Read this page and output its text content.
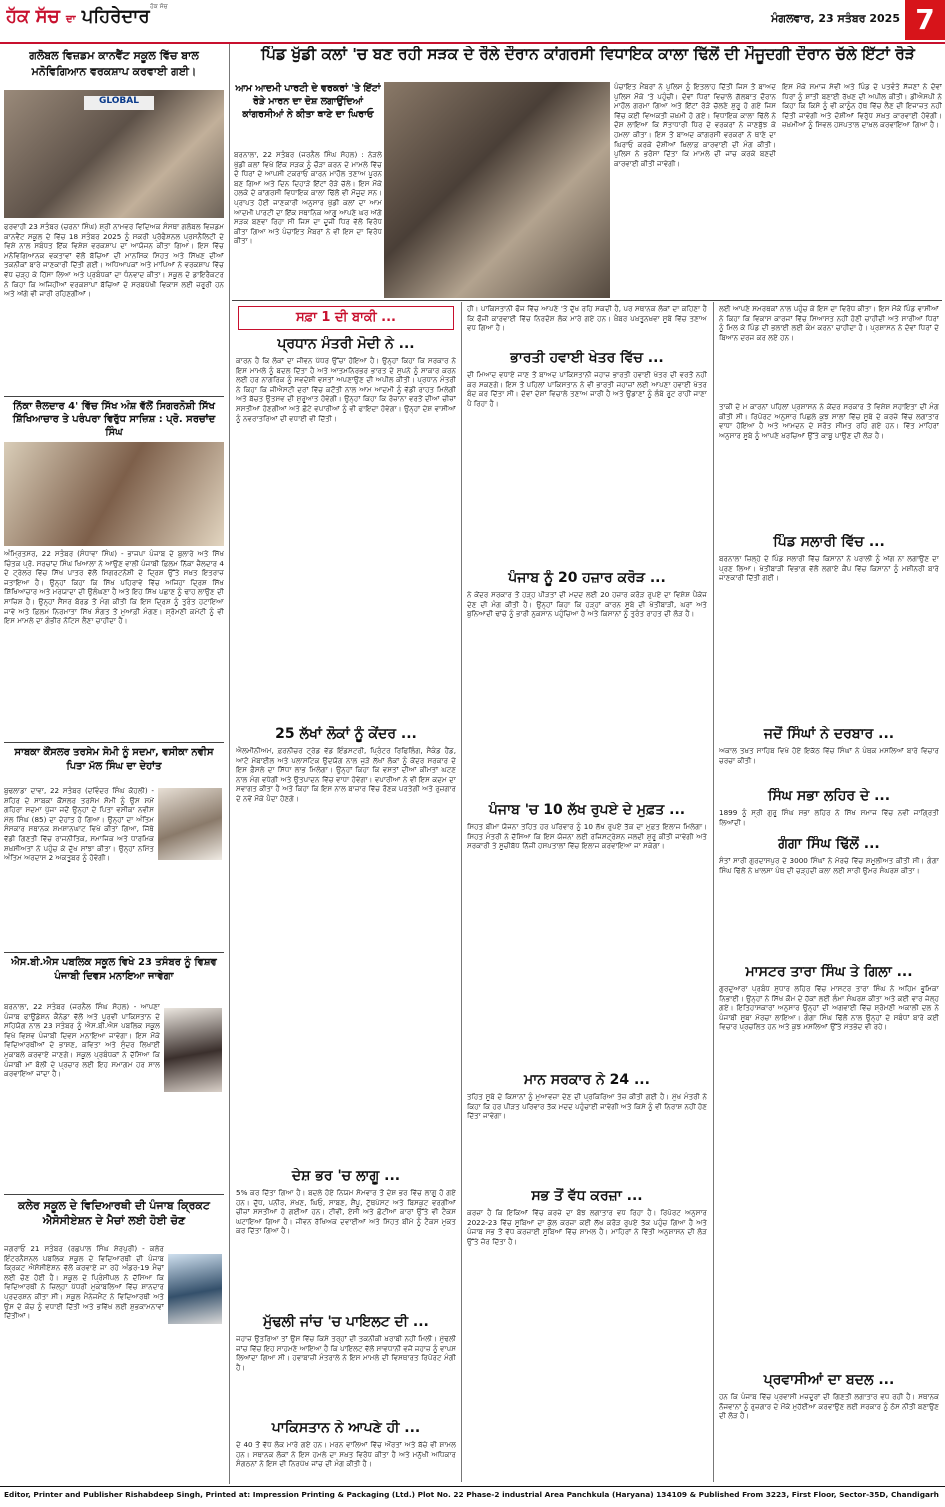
ਹੱਕ ਸੱਚ ਦਾ ਪਹਿਰੇਦਾਰ ਹੱਕ ਸੱਚ
ਮੰਗਲਵਾਰ, 23 ਸਤੰਬਰ 2025 7
ਗਲੋਬਲ ਵਿਜ਼ਡਮ ਕਾਨਵੈਂਟ ਸਕੂਲ ਵਿੱਚ ਬਾਲ ਮਨੋਵਿਗਿਆਨ ਵਰਕਸ਼ਾਪ ਕਰਵਾਈ ਗਈ।
GLOBAL
ਫਰਵਾਹੀ 23 ਸਤੰਬਰ (ਚਰਨਾ ਸਿੰਘ) ਸ਼੍ਰੀ ਨਾਮਵਰ ਵਿਦਿਅਕ ਸੰਸਥਾ ਗਲੋਬਲ ਵਿਜ਼ਡਮ ਕਾਨਵੈਂਟ ਸਕੂਲ ਦੇ ਵਿੱਚ 18 ਸਤੰਬਰ 2025 ਨੂੰ ਸਕਰੀ ਪ੍ਰੋਫੈਸ਼ਨਲ ਪ੍ਰਸਨੈਲਿਟੀ ਦੇ ਵਿਸ਼ੇ ਨਾਲ ਸਬੰਧਤ ਇੱਕ ਵਿਸ਼ੇਸ਼ ਵਰਕਸ਼ਾਪ ਦਾ ਆਯੋਜਨ ਕੀਤਾ ਗਿਆ। ਇਸ ਵਿੱਚ ਮਨੋਵਿਗਿਆਨਕ ਵਕਤਾਵਾਂ ਵੱਲੋਂ ਬੱਚਿਆਂ ਦੀ ਮਾਨਸਿਕ ਸਿਹਤ ਅਤੇ ਸਿੱਖਣ ਦੀਆਂ ਤਕਨੀਕਾਂ ਬਾਰੇ ਜਾਣਕਾਰੀ ਦਿੱਤੀ ਗਈ। ਅਧਿਆਪਕਾਂ ਅਤੇ ਮਾਪਿਆਂ ਨੇ ਵਰਕਸ਼ਾਪ ਵਿੱਚ ਵੱਧ ਚੜ੍ਹ ਕੇ ਹਿੱਸਾ ਲਿਆ ਅਤੇ ਪ੍ਰਬੰਧਕਾਂ ਦਾ ਧੰਨਵਾਦ ਕੀਤਾ। ਸਕੂਲ ਦੇ ਡਾਇਰੈਕਟਰ ਨੇ ਕਿਹਾ ਕਿ ਅਜਿਹੀਆਂ ਵਰਕਸ਼ਾਪਾਂ ਬੱਚਿਆਂ ਦੇ ਸਰਬਪੱਖੀ ਵਿਕਾਸ ਲਈ ਜ਼ਰੂਰੀ ਹਨ ਅਤੇ ਅੱਗੇ ਵੀ ਜਾਰੀ ਰਹਿਣਗੀਆਂ।
ਨਿੱਕਾ ਜ਼ੈਲਦਾਰ 4' ਵਿੱਚ ਸਿੱਖ ਅੰਸ਼ ਵੱਲੋਂ ਸਿਗਰਨੋਸ਼ੀ ਸਿੱਖ ਸ਼ਿੱਖਿਆਚਾਰ ਤੇ ਪਰੰਪਰਾ ਵਿਰੁੱਧ ਸਾਜ਼ਿਸ਼ : ਪ੍ਰੋ. ਸਰਚਾਂਦ ਸਿੰਘ
ਅੰਮ੍ਰਿਤਸਰ, 22 ਸਤੰਬਰ (ਸੰਧਾਵਾ ਸਿੰਘ) - ਭਾਜਪਾ ਪੰਜਾਬ ਦੇ ਬੁਲਾਰੇ ਅਤੇ ਸਿੱਖ ਚਿੰਤਕ ਪ੍ਰੋ. ਸਰਚਾਂਦ ਸਿੰਘ ਖਿਆਲਾ ਨੇ ਆਉਣ ਵਾਲੀ ਪੰਜਾਬੀ ਫ਼ਿਲਮ ਨਿੱਕਾ ਜ਼ੈਲਦਾਰ 4 ਦੇ ਟ੍ਰੇਲਰ ਵਿੱਚ ਸਿੱਖ ਪਾਤਰ ਵੱਲੋਂ ਸਿਗਰਟਨੋਸ਼ੀ ਦੇ ਦ੍ਰਿਸ਼ ਉੱਤੇ ਸਖ਼ਤ ਇਤਰਾਜ਼ ਜਤਾਇਆ ਹੈ। ਉਨ੍ਹਾਂ ਕਿਹਾ ਕਿ ਸਿੱਖ ਪਹਿਰਾਵੇ ਵਿੱਚ ਅਜਿਹਾ ਦ੍ਰਿਸ਼ ਸਿੱਖ ਸ਼ਿੱਖਿਆਚਾਰ ਅਤੇ ਮਰਯਾਦਾ ਦੀ ਉਲੰਘਣਾ ਹੈ ਅਤੇ ਇਹ ਸਿੱਖ ਪਛਾਣ ਨੂੰ ਢਾਹ ਲਾਉਣ ਦੀ ਸਾਜ਼ਿਸ਼ ਹੈ। ਉਨ੍ਹਾਂ ਸੈਂਸਰ ਬੋਰਡ ਤੋਂ ਮੰਗ ਕੀਤੀ ਕਿ ਇਸ ਦ੍ਰਿਸ਼ ਨੂੰ ਤੁਰੰਤ ਹਟਾਇਆ ਜਾਵੇ ਅਤੇ ਫ਼ਿਲਮ ਨਿਰਮਾਤਾ ਸਿੱਖ ਸੰਗਤ ਤੋਂ ਮੁਆਫ਼ੀ ਮੰਗਣ। ਸ਼੍ਰੋਮਣੀ ਕਮੇਟੀ ਨੂੰ ਵੀ ਇਸ ਮਾਮਲੇ ਦਾ ਗੰਭੀਰ ਨੋਟਿਸ ਲੈਣਾ ਚਾਹੀਦਾ ਹੈ।
ਸਾਬਕਾ ਕੌਂਸਲਰ ਤਰਸੇਮ ਸੋਮੀ ਨੂੰ ਸਦਮਾ, ਵਸੀਕਾ ਨਵੀਸ ਪਿਤਾ ਮੱਲ ਸਿੰਘ ਦਾ ਦੇਹਾਂਤ
ਬੁਢਲਾਡਾ ਦਾਵਾ, 22 ਸਤੰਬਰ (ਦਵਿੰਦਰ ਸਿੰਘ ਕੋਹਲੀ) - ਸ਼ਹਿਰ ਦੇ ਸਾਬਕਾ ਕੌਂਸਲਰ ਤਰਸੇਮ ਸੋਮੀ ਨੂੰ ਉਸ ਸਮੇਂ ਗਹਿਰਾ ਸਦਮਾ ਪੁੱਜਾ ਜਦੋਂ ਉਨ੍ਹਾਂ ਦੇ ਪਿਤਾ ਵਸੀਕਾ ਨਵੀਸ ਮੱਲ ਸਿੰਘ (85) ਦਾ ਦੇਹਾਂਤ ਹੋ ਗਿਆ। ਉਨ੍ਹਾਂ ਦਾ ਅੰਤਿਮ ਸੰਸਕਾਰ ਸਥਾਨਕ ਸ਼ਮਸ਼ਾਨਘਾਟ ਵਿਖੇ ਕੀਤਾ ਗਿਆ, ਜਿੱਥੇ ਵੱਡੀ ਗਿਣਤੀ ਵਿੱਚ ਰਾਜਨੀਤਿਕ, ਸਮਾਜਿਕ ਅਤੇ ਧਾਰਮਿਕ ਸ਼ਖ਼ਸੀਅਤਾਂ ਨੇ ਪਹੁੰਚ ਕੇ ਦੁੱਖ ਸਾਂਝਾ ਕੀਤਾ। ਉਨ੍ਹਾਂ ਨਮਿੱਤ ਅੰਤਿਮ ਅਰਦਾਸ 2 ਅਕਤੂਬਰ ਨੂੰ ਹੋਵੇਗੀ।
ਐਸ.ਬੀ.ਐਸ ਪਬਲਿਕ ਸਕੂਲ ਵਿਖੇ 23 ਤਸੰਬਰ ਨੂੰ ਵਿਸ਼ਵ ਪੰਜਾਬੀ ਦਿਵਸ ਮਨਾਇਆ ਜਾਵੇਗਾ
ਬਰਨਾਲਾ, 22 ਸਤੰਬਰ (ਜਰਨੈਲ ਸਿੰਘ ਸੋਹਲ) - ਆਪਣਾ ਪੰਜਾਬ ਫਾਊਂਡੇਸ਼ਨ ਕੈਨੇਡਾ ਵੱਲੋਂ ਅਤੇ ਪੂਰਵੀ ਪਾਕਿਸਤਾਨ ਦੇ ਸਹਿਯੋਗ ਨਾਲ 23 ਸਤੰਬਰ ਨੂੰ ਐਸ.ਬੀ.ਐਸ ਪਬਲਿਕ ਸਕੂਲ ਵਿਖੇ ਵਿਸ਼ਵ ਪੰਜਾਬੀ ਦਿਵਸ ਮਨਾਇਆ ਜਾਵੇਗਾ। ਇਸ ਮੌਕੇ ਵਿਦਿਆਰਥੀਆਂ ਦੇ ਭਾਸ਼ਣ, ਕਵਿਤਾ ਅਤੇ ਸੁੰਦਰ ਲਿਖਾਈ ਮੁਕਾਬਲੇ ਕਰਵਾਏ ਜਾਣਗੇ। ਸਕੂਲ ਪ੍ਰਬੰਧਕਾਂ ਨੇ ਦੱਸਿਆ ਕਿ ਪੰਜਾਬੀ ਮਾਂ ਬੋਲੀ ਦੇ ਪ੍ਰਚਾਰ ਲਈ ਇਹ ਸਮਾਗਮ ਹਰ ਸਾਲ ਕਰਵਾਇਆ ਜਾਂਦਾ ਹੈ।
ਕਲੇਰ ਸਕੂਲ ਦੇ ਵਿਦਿਆਰਥੀ ਦੀ ਪੰਜਾਬ ਕ੍ਰਿਕਟ ਐਸੋਸੀਏਸ਼ਨ ਦੇ ਮੈਚਾਂ ਲਈ ਹੋਈ ਚੋਣ
ਜਗਰਾਓਂ 21 ਸਤੰਬਰ (ਰਛਪਾਲ ਸਿੰਘ ਸ਼ੇਰਪੁਰੀ) - ਕਲੇਰ ਇੰਟਰਨੈਸ਼ਨਲ ਪਬਲਿਕ ਸਕੂਲ ਦੇ ਵਿਦਿਆਰਥੀ ਦੀ ਪੰਜਾਬ ਕ੍ਰਿਕਟ ਐਸੋਸੀਏਸ਼ਨ ਵੱਲੋਂ ਕਰਵਾਏ ਜਾ ਰਹੇ ਅੰਡਰ-19 ਮੈਚਾਂ ਲਈ ਚੋਣ ਹੋਈ ਹੈ। ਸਕੂਲ ਦੇ ਪ੍ਰਿੰਸੀਪਲ ਨੇ ਦੱਸਿਆ ਕਿ ਵਿਦਿਆਰਥੀ ਨੇ ਜ਼ਿਲ੍ਹਾ ਪੱਧਰੀ ਮੁਕਾਬਲਿਆਂ ਵਿੱਚ ਸ਼ਾਨਦਾਰ ਪ੍ਰਦਰਸ਼ਨ ਕੀਤਾ ਸੀ। ਸਕੂਲ ਮੈਨੇਜਮੈਂਟ ਨੇ ਵਿਦਿਆਰਥੀ ਅਤੇ ਉਸ ਦੇ ਕੋਚ ਨੂੰ ਵਧਾਈ ਦਿੱਤੀ ਅਤੇ ਭਵਿੱਖ ਲਈ ਸ਼ੁਭਕਾਮਨਾਵਾਂ ਦਿੱਤੀਆਂ।
ਪਿੰਡ ਖੁੱਡੀ ਕਲਾਂ 'ਚ ਬਣ ਰਹੀ ਸੜਕ ਦੇ ਰੌਲੇ ਦੌਰਾਨ ਕਾਂਗਰਸੀ ਵਿਧਾਇਕ ਕਾਲਾ ਢਿੱਲੋਂ ਦੀ ਮੌਜੂਦਗੀ ਦੌਰਾਨ ਚੱਲੇ ਇੱਟਾਂ ਰੋੜੇ
ਆਮ ਆਦਮੀ ਪਾਰਟੀ ਦੇ ਵਰਕਰਾਂ 'ਤੇ ਇੱਟਾਂ ਰੋੜੇ ਮਾਰਨ ਦਾ ਦੋਸ਼ ਲਗਾਉਂਦਿਆਂ ਕਾਂਗਰਸੀਆਂ ਨੇ ਕੀਤਾ ਥਾਣੇ ਦਾ ਘਿਰਾਓ
ਬਰਨਾਲਾ, 22 ਸਤੰਬਰ (ਜਰਨੈਲ ਸਿੰਘ ਸੋਹਲ) : ਨੇੜਲੇ ਖੁੱਡੀ ਕਲਾਂ ਵਿਖੇ ਇੱਕ ਸੜਕ ਨੂੰ ਚੌੜਾ ਕਰਨ ਦੇ ਮਾਮਲੇ ਵਿੱਚ ਦੋ ਧਿਰਾਂ ਦੇ ਆਪਸੀ ਟਕਰਾਓ ਕਾਰਨ ਮਾਹੌਲ ਤਣਾਅ ਪੂਰਨ ਬਣ ਗਿਆ ਅਤੇ ਦਿਨ ਦਿਹਾੜੇ ਇੱਟਾਂ ਰੋੜੇ ਚੱਲੇ। ਇਸ ਮੌਕੇ ਹਲਕੇ ਦੇ ਕਾਂਗਰਸੀ ਵਿਧਾਇਕ ਕਾਲਾ ਢਿੱਲੋਂ ਵੀ ਮੌਜੂਦ ਸਨ। ਪ੍ਰਾਪਤ ਹੋਈ ਜਾਣਕਾਰੀ ਅਨੁਸਾਰ ਖੁੱਡੀ ਕਲਾਂ ਦਾ ਆਮ ਆਦਮੀ ਪਾਰਟੀ ਦਾ ਇੱਕ ਸਥਾਨਿਕ ਆਗੂ ਆਪਣੇ ਘਰ ਅੱਗੇ ਸੜਕ ਬਣਵਾ ਰਿਹਾ ਸੀ ਜਿਸ ਦਾ ਦੂਜੀ ਧਿਰ ਵੱਲੋਂ ਵਿਰੋਧ ਕੀਤਾ ਗਿਆ ਅਤੇ ਪੰਚਾਇਤ ਮੈਂਬਰਾਂ ਨੇ ਵੀ ਇਸ ਦਾ ਵਿਰੋਧ ਕੀਤਾ।
ਪੰਚਾਇਤ ਮੈਂਬਰਾਂ ਨੇ ਪੁਲਿਸ ਨੂੰ ਇਤਲਾਹ ਦਿੱਤੀ ਜਿਸ ਤੋਂ ਬਾਅਦ ਪੁਲਿਸ ਮੌਕੇ 'ਤੇ ਪਹੁੰਚੀ। ਦੋਵਾਂ ਧਿਰਾਂ ਵਿਚਾਲੇ ਗੱਲਬਾਤ ਦੌਰਾਨ ਮਾਹੌਲ ਗਰਮਾ ਗਿਆ ਅਤੇ ਇੱਟਾਂ ਰੋੜੇ ਚੱਲਣੇ ਸ਼ੁਰੂ ਹੋ ਗਏ ਜਿਸ ਵਿੱਚ ਕਈ ਵਿਅਕਤੀ ਜ਼ਖ਼ਮੀ ਹੋ ਗਏ। ਵਿਧਾਇਕ ਕਾਲਾ ਢਿੱਲੋਂ ਨੇ ਦੋਸ਼ ਲਾਇਆ ਕਿ ਸੱਤਾਧਾਰੀ ਧਿਰ ਦੇ ਵਰਕਰਾਂ ਨੇ ਜਾਣਬੁੱਝ ਕੇ ਹਮਲਾ ਕੀਤਾ। ਇਸ ਤੋਂ ਬਾਅਦ ਕਾਂਗਰਸੀ ਵਰਕਰਾਂ ਨੇ ਥਾਣੇ ਦਾ ਘਿਰਾਓ ਕਰਕੇ ਦੋਸ਼ੀਆਂ ਖ਼ਿਲਾਫ਼ ਕਾਰਵਾਈ ਦੀ ਮੰਗ ਕੀਤੀ। ਪੁਲਿਸ ਨੇ ਭਰੋਸਾ ਦਿੱਤਾ ਕਿ ਮਾਮਲੇ ਦੀ ਜਾਂਚ ਕਰਕੇ ਬਣਦੀ ਕਾਰਵਾਈ ਕੀਤੀ ਜਾਵੇਗੀ।
ਇਸ ਮੌਕੇ ਸਮਾਜ ਸੇਵੀ ਅਤੇ ਪਿੰਡ ਦੇ ਪਤਵੰਤੇ ਸੱਜਣਾਂ ਨੇ ਦੋਵਾਂ ਧਿਰਾਂ ਨੂੰ ਸ਼ਾਂਤੀ ਬਣਾਈ ਰੱਖਣ ਦੀ ਅਪੀਲ ਕੀਤੀ। ਡੀਐਸਪੀ ਨੇ ਕਿਹਾ ਕਿ ਕਿਸੇ ਨੂੰ ਵੀ ਕਾਨੂੰਨ ਹੱਥ ਵਿੱਚ ਲੈਣ ਦੀ ਇਜਾਜ਼ਤ ਨਹੀਂ ਦਿੱਤੀ ਜਾਵੇਗੀ ਅਤੇ ਦੋਸ਼ੀਆਂ ਵਿਰੁੱਧ ਸਖ਼ਤ ਕਾਰਵਾਈ ਹੋਵੇਗੀ। ਜ਼ਖ਼ਮੀਆਂ ਨੂੰ ਸਿਵਲ ਹਸਪਤਾਲ ਦਾਖ਼ਲ ਕਰਵਾਇਆ ਗਿਆ ਹੈ।
ਸਫ਼ਾ 1 ਦੀ ਬਾਕੀ ...
ਪ੍ਰਧਾਨ ਮੰਤਰੀ ਮੋਦੀ ਨੇ ...
ਕਾਰਨ ਹੈ ਕਿ ਲੋਕਾਂ ਦਾ ਜੀਵਨ ਪੱਧਰ ਉੱਚਾ ਹੋਇਆ ਹੈ। ਉਨ੍ਹਾਂ ਕਿਹਾ ਕਿ ਸਰਕਾਰ ਨੇ ਇਸ ਮਾਮਲੇ ਨੂੰ ਬਦਲ ਦਿੱਤਾ ਹੈ ਅਤੇ ਆਤਮਨਿਰਭਰ ਭਾਰਤ ਦੇ ਸੁਪਨੇ ਨੂੰ ਸਾਕਾਰ ਕਰਨ ਲਈ ਹਰ ਨਾਗਰਿਕ ਨੂੰ ਸਵਦੇਸ਼ੀ ਵਸਤਾਂ ਅਪਣਾਉਣ ਦੀ ਅਪੀਲ ਕੀਤੀ। ਪ੍ਰਧਾਨ ਮੰਤਰੀ ਨੇ ਕਿਹਾ ਕਿ ਜੀਐਸਟੀ ਦਰਾਂ ਵਿੱਚ ਕਟੌਤੀ ਨਾਲ ਆਮ ਆਦਮੀ ਨੂੰ ਵੱਡੀ ਰਾਹਤ ਮਿਲੇਗੀ ਅਤੇ ਬੱਚਤ ਉਤਸਵ ਦੀ ਸ਼ੁਰੂਆਤ ਹੋਵੇਗੀ। ਉਨ੍ਹਾਂ ਕਿਹਾ ਕਿ ਰੋਜ਼ਾਨਾ ਵਰਤੋਂ ਦੀਆਂ ਚੀਜ਼ਾਂ ਸਸਤੀਆਂ ਹੋਣਗੀਆਂ ਅਤੇ ਛੋਟੇ ਵਪਾਰੀਆਂ ਨੂੰ ਵੀ ਫਾਇਦਾ ਹੋਵੇਗਾ। ਉਨ੍ਹਾਂ ਦੇਸ਼ ਵਾਸੀਆਂ ਨੂੰ ਨਵਰਾਤਰਿਆਂ ਦੀ ਵਧਾਈ ਵੀ ਦਿੱਤੀ।
25 ਲੱਖਾਂ ਲੋਕਾਂ ਨੂੰ ਕੇਂਦਰ ...
ਐਲਮੀਨੀਅਮ, ਫ਼ਰਨੀਚਰ ਟ੍ਰੇਡ ਵੱਡ ਇੰਡਸਟਰੀ, ਪ੍ਰਿੰਟਰ ਰਿਫਿਲਿੰਗ, ਸੈਕੰਡ ਹੈਂਡ, ਆਟੋ ਮੋਬਾਈਲ ਅਤੇ ਪਲਾਸਟਿਕ ਉਦਯੋਗ ਨਾਲ ਜੁੜੇ ਲੱਖਾਂ ਲੋਕਾਂ ਨੂੰ ਕੇਂਦਰ ਸਰਕਾਰ ਦੇ ਇਸ ਫ਼ੈਸਲੇ ਦਾ ਸਿੱਧਾ ਲਾਭ ਮਿਲੇਗਾ। ਉਨ੍ਹਾਂ ਕਿਹਾ ਕਿ ਵਸਤਾਂ ਦੀਆਂ ਕੀਮਤਾਂ ਘਟਣ ਨਾਲ ਮੰਗ ਵਧੇਗੀ ਅਤੇ ਉਤਪਾਦਨ ਵਿੱਚ ਵਾਧਾ ਹੋਵੇਗਾ। ਵਪਾਰੀਆਂ ਨੇ ਵੀ ਇਸ ਕਦਮ ਦਾ ਸਵਾਗਤ ਕੀਤਾ ਹੈ ਅਤੇ ਕਿਹਾ ਕਿ ਇਸ ਨਾਲ ਬਾਜ਼ਾਰ ਵਿੱਚ ਰੌਣਕ ਪਰਤੇਗੀ ਅਤੇ ਰੁਜ਼ਗਾਰ ਦੇ ਨਵੇਂ ਮੌਕੇ ਪੈਦਾ ਹੋਣਗੇ।
ਦੇਸ਼ ਭਰ 'ਚ ਲਾਗੂ ...
5% ਕਰ ਦਿੱਤਾ ਗਿਆ ਹੈ। ਬਦਲੇ ਹੋਏ ਨਿਯਮ ਸੋਮਵਾਰ ਤੋਂ ਦੇਸ਼ ਭਰ ਵਿੱਚ ਲਾਗੂ ਹੋ ਗਏ ਹਨ। ਦੁੱਧ, ਪਨੀਰ, ਮੱਖਣ, ਘਿਓ, ਸਾਬਣ, ਸ਼ੈਂਪੂ, ਟੁੱਥਪੇਸਟ ਅਤੇ ਬਿਸਕੁਟ ਵਰਗੀਆਂ ਚੀਜ਼ਾਂ ਸਸਤੀਆਂ ਹੋ ਗਈਆਂ ਹਨ। ਟੀਵੀ, ਏਸੀ ਅਤੇ ਛੋਟੀਆਂ ਕਾਰਾਂ ਉੱਤੇ ਵੀ ਟੈਕਸ ਘਟਾਇਆ ਗਿਆ ਹੈ। ਜੀਵਨ ਰੱਖਿਅਕ ਦਵਾਈਆਂ ਅਤੇ ਸਿਹਤ ਬੀਮੇ ਨੂੰ ਟੈਕਸ ਮੁਕਤ ਕਰ ਦਿੱਤਾ ਗਿਆ ਹੈ।
ਮੁੱਢਲੀ ਜਾਂਚ 'ਚ ਪਾਇਲਟ ਦੀ ...
ਜਹਾਜ਼ ਉਤਰਿਆ ਤਾਂ ਉਸ ਵਿੱਚ ਕਿਸੇ ਤਰ੍ਹਾਂ ਦੀ ਤਕਨੀਕੀ ਖ਼ਰਾਬੀ ਨਹੀਂ ਮਿਲੀ। ਮੁੱਢਲੀ ਜਾਂਚ ਵਿੱਚ ਇਹ ਸਾਹਮਣੇ ਆਇਆ ਹੈ ਕਿ ਪਾਇਲਟ ਵੱਲੋਂ ਸਾਵਧਾਨੀ ਵਜੋਂ ਜਹਾਜ਼ ਨੂੰ ਵਾਪਸ ਲਿਆਂਦਾ ਗਿਆ ਸੀ। ਹਵਾਬਾਜ਼ੀ ਮੰਤਰਾਲੇ ਨੇ ਇਸ ਮਾਮਲੇ ਦੀ ਵਿਸਥਾਰਤ ਰਿਪੋਰਟ ਮੰਗੀ ਹੈ।
ਪਾਕਿਸਤਾਨ ਨੇ ਆਪਣੇ ਹੀ ...
ਦੇ 40 ਤੋਂ ਵੱਧ ਲੋਕ ਮਾਰੇ ਗਏ ਹਨ। ਮਰਨ ਵਾਲਿਆਂ ਵਿੱਚ ਔਰਤਾਂ ਅਤੇ ਬੱਚੇ ਵੀ ਸ਼ਾਮਲ ਹਨ। ਸਥਾਨਕ ਲੋਕਾਂ ਨੇ ਇਸ ਹਮਲੇ ਦਾ ਸਖ਼ਤ ਵਿਰੋਧ ਕੀਤਾ ਹੈ ਅਤੇ ਮਨੁੱਖੀ ਅਧਿਕਾਰ ਸੰਗਠਨਾਂ ਨੇ ਇਸ ਦੀ ਨਿਰਪੱਖ ਜਾਂਚ ਦੀ ਮੰਗ ਕੀਤੀ ਹੈ।
ਹੀ। ਪਾਕਿਸਤਾਨੀ ਫੌਜ ਵਿੱਚ ਆਪਣੇ 'ਤੇ ਦੁੱਖ ਰਹਿ ਸਕਦੀ ਹੈ, ਪਰ ਸਥਾਨਕ ਲੋਕਾਂ ਦਾ ਕਹਿਣਾ ਹੈ ਕਿ ਫੌਜੀ ਕਾਰਵਾਈ ਵਿੱਚ ਨਿਰਦੋਸ਼ ਲੋਕ ਮਾਰੇ ਗਏ ਹਨ। ਖ਼ੈਬਰ ਪਖ਼ਤੂਨਖ਼ਵਾ ਸੂਬੇ ਵਿੱਚ ਤਣਾਅ ਵਧ ਗਿਆ ਹੈ।
ਭਾਰਤੀ ਹਵਾਈ ਖੇਤਰ ਵਿੱਚ ...
ਦੀ ਮਿਆਦ ਵਧਾਏ ਜਾਣ ਤੋਂ ਬਾਅਦ ਪਾਕਿਸਤਾਨੀ ਜਹਾਜ਼ ਭਾਰਤੀ ਹਵਾਈ ਖੇਤਰ ਦੀ ਵਰਤੋਂ ਨਹੀਂ ਕਰ ਸਕਣਗੇ। ਇਸ ਤੋਂ ਪਹਿਲਾਂ ਪਾਕਿਸਤਾਨ ਨੇ ਵੀ ਭਾਰਤੀ ਜਹਾਜ਼ਾਂ ਲਈ ਆਪਣਾ ਹਵਾਈ ਖੇਤਰ ਬੰਦ ਕਰ ਦਿੱਤਾ ਸੀ। ਦੋਵਾਂ ਦੇਸ਼ਾਂ ਵਿਚਾਲੇ ਤਣਾਅ ਜਾਰੀ ਹੈ ਅਤੇ ਉਡਾਣਾਂ ਨੂੰ ਲੰਬੇ ਰੂਟ ਰਾਹੀਂ ਜਾਣਾ ਪੈ ਰਿਹਾ ਹੈ।
ਪੰਜਾਬ ਨੂੰ 20 ਹਜ਼ਾਰ ਕਰੋੜ ...
ਨੇ ਕੇਂਦਰ ਸਰਕਾਰ ਤੋਂ ਹੜ੍ਹ ਪੀੜਤਾਂ ਦੀ ਮਦਦ ਲਈ 20 ਹਜ਼ਾਰ ਕਰੋੜ ਰੁਪਏ ਦਾ ਵਿਸ਼ੇਸ਼ ਪੈਕੇਜ ਦੇਣ ਦੀ ਮੰਗ ਕੀਤੀ ਹੈ। ਉਨ੍ਹਾਂ ਕਿਹਾ ਕਿ ਹੜ੍ਹਾਂ ਕਾਰਨ ਸੂਬੇ ਦੀ ਖੇਤੀਬਾੜੀ, ਘਰਾਂ ਅਤੇ ਬੁਨਿਆਦੀ ਢਾਂਚੇ ਨੂੰ ਭਾਰੀ ਨੁਕਸਾਨ ਪਹੁੰਚਿਆ ਹੈ ਅਤੇ ਕਿਸਾਨਾਂ ਨੂੰ ਤੁਰੰਤ ਰਾਹਤ ਦੀ ਲੋੜ ਹੈ।
ਪੰਜਾਬ 'ਚ 10 ਲੱਖ ਰੁਪਏ ਦੇ ਮੁਫ਼ਤ ...
ਸਿਹਤ ਬੀਮਾ ਯੋਜਨਾ ਤਹਿਤ ਹਰ ਪਰਿਵਾਰ ਨੂੰ 10 ਲੱਖ ਰੁਪਏ ਤੱਕ ਦਾ ਮੁਫ਼ਤ ਇਲਾਜ ਮਿਲੇਗਾ। ਸਿਹਤ ਮੰਤਰੀ ਨੇ ਦੱਸਿਆ ਕਿ ਇਸ ਯੋਜਨਾ ਲਈ ਰਜਿਸਟ੍ਰੇਸ਼ਨ ਜਲਦੀ ਸ਼ੁਰੂ ਕੀਤੀ ਜਾਵੇਗੀ ਅਤੇ ਸਰਕਾਰੀ ਤੇ ਸੂਚੀਬੱਧ ਨਿੱਜੀ ਹਸਪਤਾਲਾਂ ਵਿੱਚ ਇਲਾਜ ਕਰਵਾਇਆ ਜਾ ਸਕੇਗਾ।
ਮਾਨ ਸਰਕਾਰ ਨੇ 24 ...
ਤਹਿਤ ਸੂਬੇ ਦੇ ਕਿਸਾਨਾਂ ਨੂੰ ਮੁਆਵਜ਼ਾ ਦੇਣ ਦੀ ਪ੍ਰਕਿਰਿਆ ਤੇਜ਼ ਕੀਤੀ ਗਈ ਹੈ। ਮੁੱਖ ਮੰਤਰੀ ਨੇ ਕਿਹਾ ਕਿ ਹਰ ਪੀੜਤ ਪਰਿਵਾਰ ਤੱਕ ਮਦਦ ਪਹੁੰਚਾਈ ਜਾਵੇਗੀ ਅਤੇ ਕਿਸੇ ਨੂੰ ਵੀ ਨਿਰਾਸ਼ ਨਹੀਂ ਹੋਣ ਦਿੱਤਾ ਜਾਵੇਗਾ।
ਸਭ ਤੋਂ ਵੱਧ ਕਰਜ਼ਾ ...
ਕਰਜ਼ਾ ਹੈ ਕਿ ਇਕਿਆਂ ਵਿੱਚ ਕਰਜ਼ੇ ਦਾ ਬੋਝ ਲਗਾਤਾਰ ਵਧ ਰਿਹਾ ਹੈ। ਰਿਪੋਰਟ ਅਨੁਸਾਰ 2022-23 ਵਿੱਚ ਸੂਬਿਆਂ ਦਾ ਕੁੱਲ ਕਰਜ਼ਾ ਕਈ ਲੱਖ ਕਰੋੜ ਰੁਪਏ ਤੱਕ ਪਹੁੰਚ ਗਿਆ ਹੈ ਅਤੇ ਪੰਜਾਬ ਸਭ ਤੋਂ ਵੱਧ ਕਰਜ਼ਾਈ ਸੂਬਿਆਂ ਵਿੱਚ ਸ਼ਾਮਲ ਹੈ। ਮਾਹਿਰਾਂ ਨੇ ਵਿੱਤੀ ਅਨੁਸ਼ਾਸਨ ਦੀ ਲੋੜ ਉੱਤੇ ਜ਼ੋਰ ਦਿੱਤਾ ਹੈ।
ਲਈ ਆਪਣੇ ਸਮਰਥਕਾਂ ਨਾਲ ਪਹੁੰਚ ਕੇ ਇਸ ਦਾ ਵਿਰੋਧ ਕੀਤਾ। ਇਸ ਮੌਕੇ ਪਿੰਡ ਵਾਸੀਆਂ ਨੇ ਕਿਹਾ ਕਿ ਵਿਕਾਸ ਕਾਰਜਾਂ ਵਿੱਚ ਸਿਆਸਤ ਨਹੀਂ ਹੋਣੀ ਚਾਹੀਦੀ ਅਤੇ ਸਾਰੀਆਂ ਧਿਰਾਂ ਨੂੰ ਮਿਲ ਕੇ ਪਿੰਡ ਦੀ ਭਲਾਈ ਲਈ ਕੰਮ ਕਰਨਾ ਚਾਹੀਦਾ ਹੈ। ਪ੍ਰਸ਼ਾਸਨ ਨੇ ਦੋਵਾਂ ਧਿਰਾਂ ਦੇ ਬਿਆਨ ਦਰਜ ਕਰ ਲਏ ਹਨ।
ਤਾਕੀ ਦੇ ਮ ਕਾਰਨਾਂ ਪਹਿਲਾਂ ਪ੍ਰਸ਼ਾਸਨ ਨੇ ਕੇਂਦਰ ਸਰਕਾਰ ਤੋਂ ਵਿਸ਼ੇਸ਼ ਸਹਾਇਤਾ ਦੀ ਮੰਗ ਕੀਤੀ ਸੀ। ਰਿਪੋਰਟ ਅਨੁਸਾਰ ਪਿਛਲੇ ਕੁਝ ਸਾਲਾਂ ਵਿੱਚ ਸੂਬੇ ਦੇ ਕਰਜ਼ੇ ਵਿੱਚ ਲਗਾਤਾਰ ਵਾਧਾ ਹੋਇਆ ਹੈ ਅਤੇ ਆਮਦਨ ਦੇ ਸਰੋਤ ਸੀਮਤ ਰਹਿ ਗਏ ਹਨ। ਵਿੱਤ ਮਾਹਿਰਾਂ ਅਨੁਸਾਰ ਸੂਬੇ ਨੂੰ ਆਪਣੇ ਖ਼ਰਚਿਆਂ ਉੱਤੇ ਕਾਬੂ ਪਾਉਣ ਦੀ ਲੋੜ ਹੈ।
ਪਿੰਡ ਸਲਾਰੀ ਵਿੱਚ ...
ਬਰਨਾਲਾ ਜ਼ਿਲ੍ਹੇ ਦੇ ਪਿੰਡ ਸਲਾਰੀ ਵਿੱਚ ਕਿਸਾਨਾਂ ਨੇ ਪਰਾਲੀ ਨੂੰ ਅੱਗ ਨਾ ਲਗਾਉਣ ਦਾ ਪ੍ਰਣ ਲਿਆ। ਖੇਤੀਬਾੜੀ ਵਿਭਾਗ ਵੱਲੋਂ ਲਗਾਏ ਕੈਂਪ ਵਿੱਚ ਕਿਸਾਨਾਂ ਨੂੰ ਮਸ਼ੀਨਰੀ ਬਾਰੇ ਜਾਣਕਾਰੀ ਦਿੱਤੀ ਗਈ।
ਜਦੋਂ ਸਿੰਘਾਂ ਨੇ ਦਰਬਾਰ ...
ਅਕਾਲ ਤਖ਼ਤ ਸਾਹਿਬ ਵਿਖੇ ਹੋਏ ਇਕੱਠ ਵਿੱਚ ਸਿੰਘਾਂ ਨੇ ਪੰਥਕ ਮਸਲਿਆਂ ਬਾਰੇ ਵਿਚਾਰ ਚਰਚਾ ਕੀਤੀ।
ਸਿੰਘ ਸਭਾ ਲਹਿਰ ਦੇ ...
1899 ਨੂੰ ਸ੍ਰੀ ਗੁਰੂ ਸਿੰਘ ਸਭਾ ਲਹਿਰ ਨੇ ਸਿੱਖ ਸਮਾਜ ਵਿੱਚ ਨਵੀਂ ਜਾਗ੍ਰਿਤੀ ਲਿਆਂਦੀ।
ਗੰਗਾ ਸਿੰਘ ਢਿੱਲੋਂ ...
ਸੰਤਾਂ ਸਾਰੀ ਗੁਰਦਾਸਪੁਰ ਦੇ 3000 ਸਿੰਘਾਂ ਨੇ ਮੋਰਚੇ ਵਿੱਚ ਸ਼ਮੂਲੀਅਤ ਕੀਤੀ ਸੀ। ਗੰਗਾ ਸਿੰਘ ਢਿੱਲੋਂ ਨੇ ਖ਼ਾਲਸਾ ਪੰਥ ਦੀ ਚੜ੍ਹਦੀ ਕਲਾ ਲਈ ਸਾਰੀ ਉਮਰ ਸੰਘਰਸ਼ ਕੀਤਾ।
ਮਾਸਟਰ ਤਾਰਾ ਸਿੰਘ ਤੇ ਗਿਲਾ ...
ਗੁਰਦੁਆਰਾ ਪ੍ਰਬੰਧ ਸੁਧਾਰ ਲਹਿਰ ਵਿੱਚ ਮਾਸਟਰ ਤਾਰਾ ਸਿੰਘ ਨੇ ਅਹਿਮ ਭੂਮਿਕਾ ਨਿਭਾਈ। ਉਨ੍ਹਾਂ ਨੇ ਸਿੱਖ ਕੌਮ ਦੇ ਹੱਕਾਂ ਲਈ ਲੰਮਾ ਸੰਘਰਸ਼ ਕੀਤਾ ਅਤੇ ਕਈ ਵਾਰ ਜੇਲ੍ਹ ਗਏ। ਇਤਿਹਾਸਕਾਰਾਂ ਅਨੁਸਾਰ ਉਨ੍ਹਾਂ ਦੀ ਅਗਵਾਈ ਵਿੱਚ ਸ਼੍ਰੋਮਣੀ ਅਕਾਲੀ ਦਲ ਨੇ ਪੰਜਾਬੀ ਸੂਬਾ ਮੋਰਚਾ ਲਾਇਆ। ਗੰਗਾ ਸਿੰਘ ਢਿੱਲੋਂ ਨਾਲ ਉਨ੍ਹਾਂ ਦੇ ਸਬੰਧਾਂ ਬਾਰੇ ਕਈ ਵਿਚਾਰ ਪ੍ਰਚਲਿਤ ਹਨ ਅਤੇ ਕੁਝ ਮਸਲਿਆਂ ਉੱਤੇ ਮੱਤਭੇਦ ਵੀ ਰਹੇ।
ਪ੍ਰਵਾਸੀਆਂ ਦਾ ਬਦਲ ...
ਹਨ ਕਿ ਪੰਜਾਬ ਵਿੱਚ ਪ੍ਰਵਾਸੀ ਮਜ਼ਦੂਰਾਂ ਦੀ ਗਿਣਤੀ ਲਗਾਤਾਰ ਵਧ ਰਹੀ ਹੈ। ਸਥਾਨਕ ਨੌਜਵਾਨਾਂ ਨੂੰ ਰੁਜ਼ਗਾਰ ਦੇ ਮੌਕੇ ਮੁਹੱਈਆ ਕਰਵਾਉਣ ਲਈ ਸਰਕਾਰ ਨੂੰ ਠੋਸ ਨੀਤੀ ਬਣਾਉਣ ਦੀ ਲੋੜ ਹੈ।
Editor, Printer and Publisher Rishabdeep Singh, Printed at: Impression Printing & Packaging (Ltd.) Plot No. 22 Phase-2 industrial Area Panchkula (Haryana) 134109 & Published From 3223, First Floor, Sector-35D, Chandigarh
